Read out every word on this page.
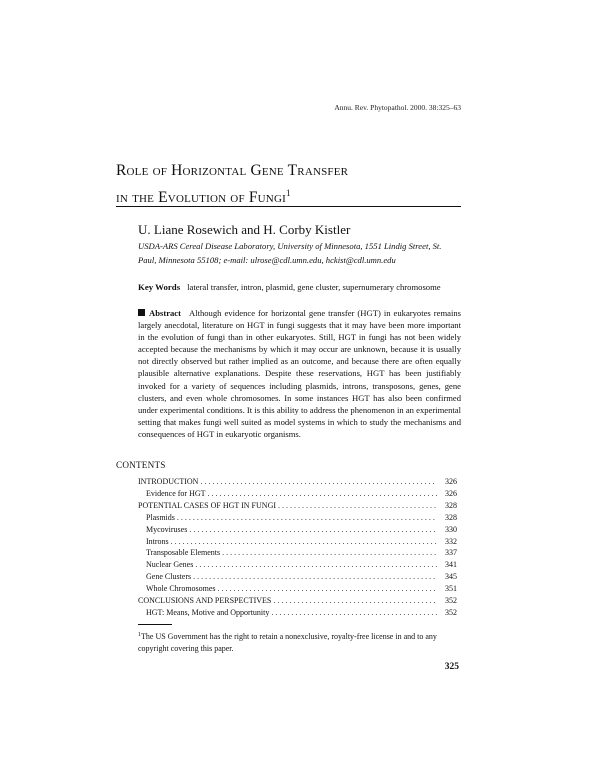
Annu. Rev. Phytopathol. 2000. 38:325–63
Role of Horizontal Gene Transfer
in the Evolution of Fungi$^1$
U. Liane Rosewich and H. Corby Kistler
USDA-ARS Cereal Disease Laboratory, University of Minnesota, 1551 Lindig Street, St. Paul, Minnesota 55108; e-mail: ulrose@cdl.umn.edu, hckist@cdl.umn.edu
Key Words lateral transfer, intron, plasmid, gene cluster, supernumerary chromosome
Abstract Although evidence for horizontal gene transfer (HGT) in eukaryotes remains largely anecdotal, literature on HGT in fungi suggests that it may have been more important in the evolution of fungi than in other eukaryotes. Still, HGT in fungi has not been widely accepted because the mechanisms by which it may occur are unknown, because it is usually not directly observed but rather implied as an outcome, and because there are often equally plausible alternative explanations. Despite these reservations, HGT has been justifiably invoked for a variety of sequences including plasmids, introns, transposons, genes, gene clusters, and even whole chromosomes. In some instances HGT has also been confirmed under experimental conditions. It is this ability to address the phenomenon in an experimental setting that makes fungi well suited as model systems in which to study the mechanisms and consequences of HGT in eukaryotic organisms.
CONTENTS
INTRODUCTION . . .	326
Evidence for HGT . . .	326
POTENTIAL CASES OF HGT IN FUNGI . . .	328
Plasmids . . .	328
Mycoviruses . . .	330
Introns . . .	332
Transposable Elements . . .	337
Nuclear Genes . . .	341
Gene Clusters . . .	345
Whole Chromosomes . . .	351
CONCLUSIONS AND PERSPECTIVES . . .	352
HGT: Means, Motive and Opportunity . . .	352
$^1$The US Government has the right to retain a nonexclusive, royalty-free license in and to any copyright covering this paper.
325
